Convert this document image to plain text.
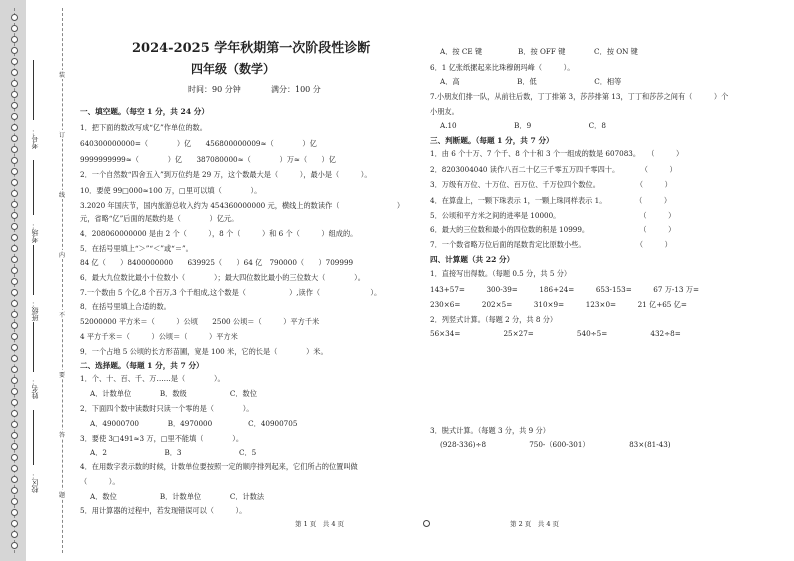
考号：
考场：
班级：
姓名：
校区：
装
订
线
内
不
要
答
题
2024-2025 学年秋期第一次阶段性诊断
四年级（数学）
时间：90 分钟	满分：100 分
一、填空题。（每空 1 分，共 24 分）
1．把下面的数改写成“亿”作单位的数。
640300000000=（　　　　）亿　　456800000009≈（　　　　）亿
9999999999≈（　　　　）亿　　387080000≈（　　　　）万≈（　　）亿
2．一个自然数“四舍五入”到万位约是 29 万，这个数最大是（　　　），最小是（　　　）。
10．要使 99□000≈100 万，□里可以填（　　　　）。
3.2020 年国庆节，国内旅游总收入约为 454360000000 元，横线上的数读作（　　　　　　　　）
元，省略“亿”后面的尾数约是（　　　　）亿元。
4．208060000000 是由 2 个（　　　），8 个（　　　）和 6 个（　　　）组成的。
5．在括号里填上“＞”“＜”或“＝”。
84 亿（　　）8400000000　　639925（　　）64 亿　790000（　　）709999
6．最大九位数比最小十位数小（　　　　）；最大四位数比最小的三位数大（　　　　）。
7.一个数由 5 个亿,8 个百万,3 个千组成,这个数是（　　　　　　）,读作（　　　　　　　）。
8．在括号里填上合适的数。
52000000 平方米＝（　　　）公顷　　2500 公顷＝（　　　）平方千米
4 平方千米＝（　　　）公顷＝（　　　）平方米
9．一个占地 5 公顷的长方形苗圃，宽是 100 米，它的长是（　　　　）米。
二、选择题。（每题 1 分，共 7 分）
1．个、十、百、千、万……是（　　　　）。
A．计数单位　　　　B．数级　　　　　　C．数位
2．下面四个数中读数时只读一个零的是（　　　　）。
A．49000700　　　　B．4970000　　　　　C．40900705
3．要使 3□491≈3 万，□里不能填（　　　　）。
A．2　　　　　　　　B．3　　　　　　　　C．5
4．在用数字表示数的时候，计数单位要按照一定的顺序排列起来，它们所占的位置叫做
（　　　）。
A．数位　　　　　　B．计数单位　　　　C．计数法
5．用计算器的过程中，若发现错误可以（　　　）。
第 1 页　共 4 页
A．按 CE 键　　　　　B．按 OFF 键　　　　C．按 ON 键
6．1 亿张纸摞起来比珠穆朗玛峰（　　　）。
A．高　　　　　　　　B．低　　　　　　　　C．相等
7.小朋友们排一队，从前往后数，丁丁排第 3，莎莎排第 13，丁丁和莎莎之间有（　　　）个
小朋友。
A.10　　　　　　　　B．9　　　　　　　　C．8
三、判断题。（每题 1 分，共 7 分）
1．由 6 个十万、7 个千、8 个十和 3 个一组成的数是 607083。　　（　　　）
2．8203004040 读作八百二十亿三千零五万四千零四十。　　　　（　　　）
3．万级有万位、十万位、百万位、千万位四个数位。　　　　　　（　　　）
4．在算盘上，一颗下珠表示 1，一颗上珠同样表示 1。　　　　　（　　　）
5．公顷和平方米之间的进率是 10000。　　　　　　　　　　　　（　　　）
6．最大的三位数和最小的四位数的积是 10999。　　　　　　　　（　　　）
7．一个数省略万位后面的尾数肯定比原数小些。　　　　　　　　（　　　）
四、计算题（共 22 分）
1．直接写出得数。（每题 0.5 分，共 5 分）
143+57=　　　300-39=　　　186+24=　　　653-153=　　　67 万-13 万=
230×6=　　　202×5=　　　310×9=　　　123×0=　　　21 亿+65 亿=
2．列竖式计算。（每题 2 分，共 8 分）
56×34=　　　　　　25×27=　　　　　　540÷5=　　　　　　432÷8=
3．脱式计算。（每题 3 分，共 9 分）
(928-336)÷8　　　　　　750-（600-301）　　　　　　83×(81-43)
第 2 页　共 4 页
